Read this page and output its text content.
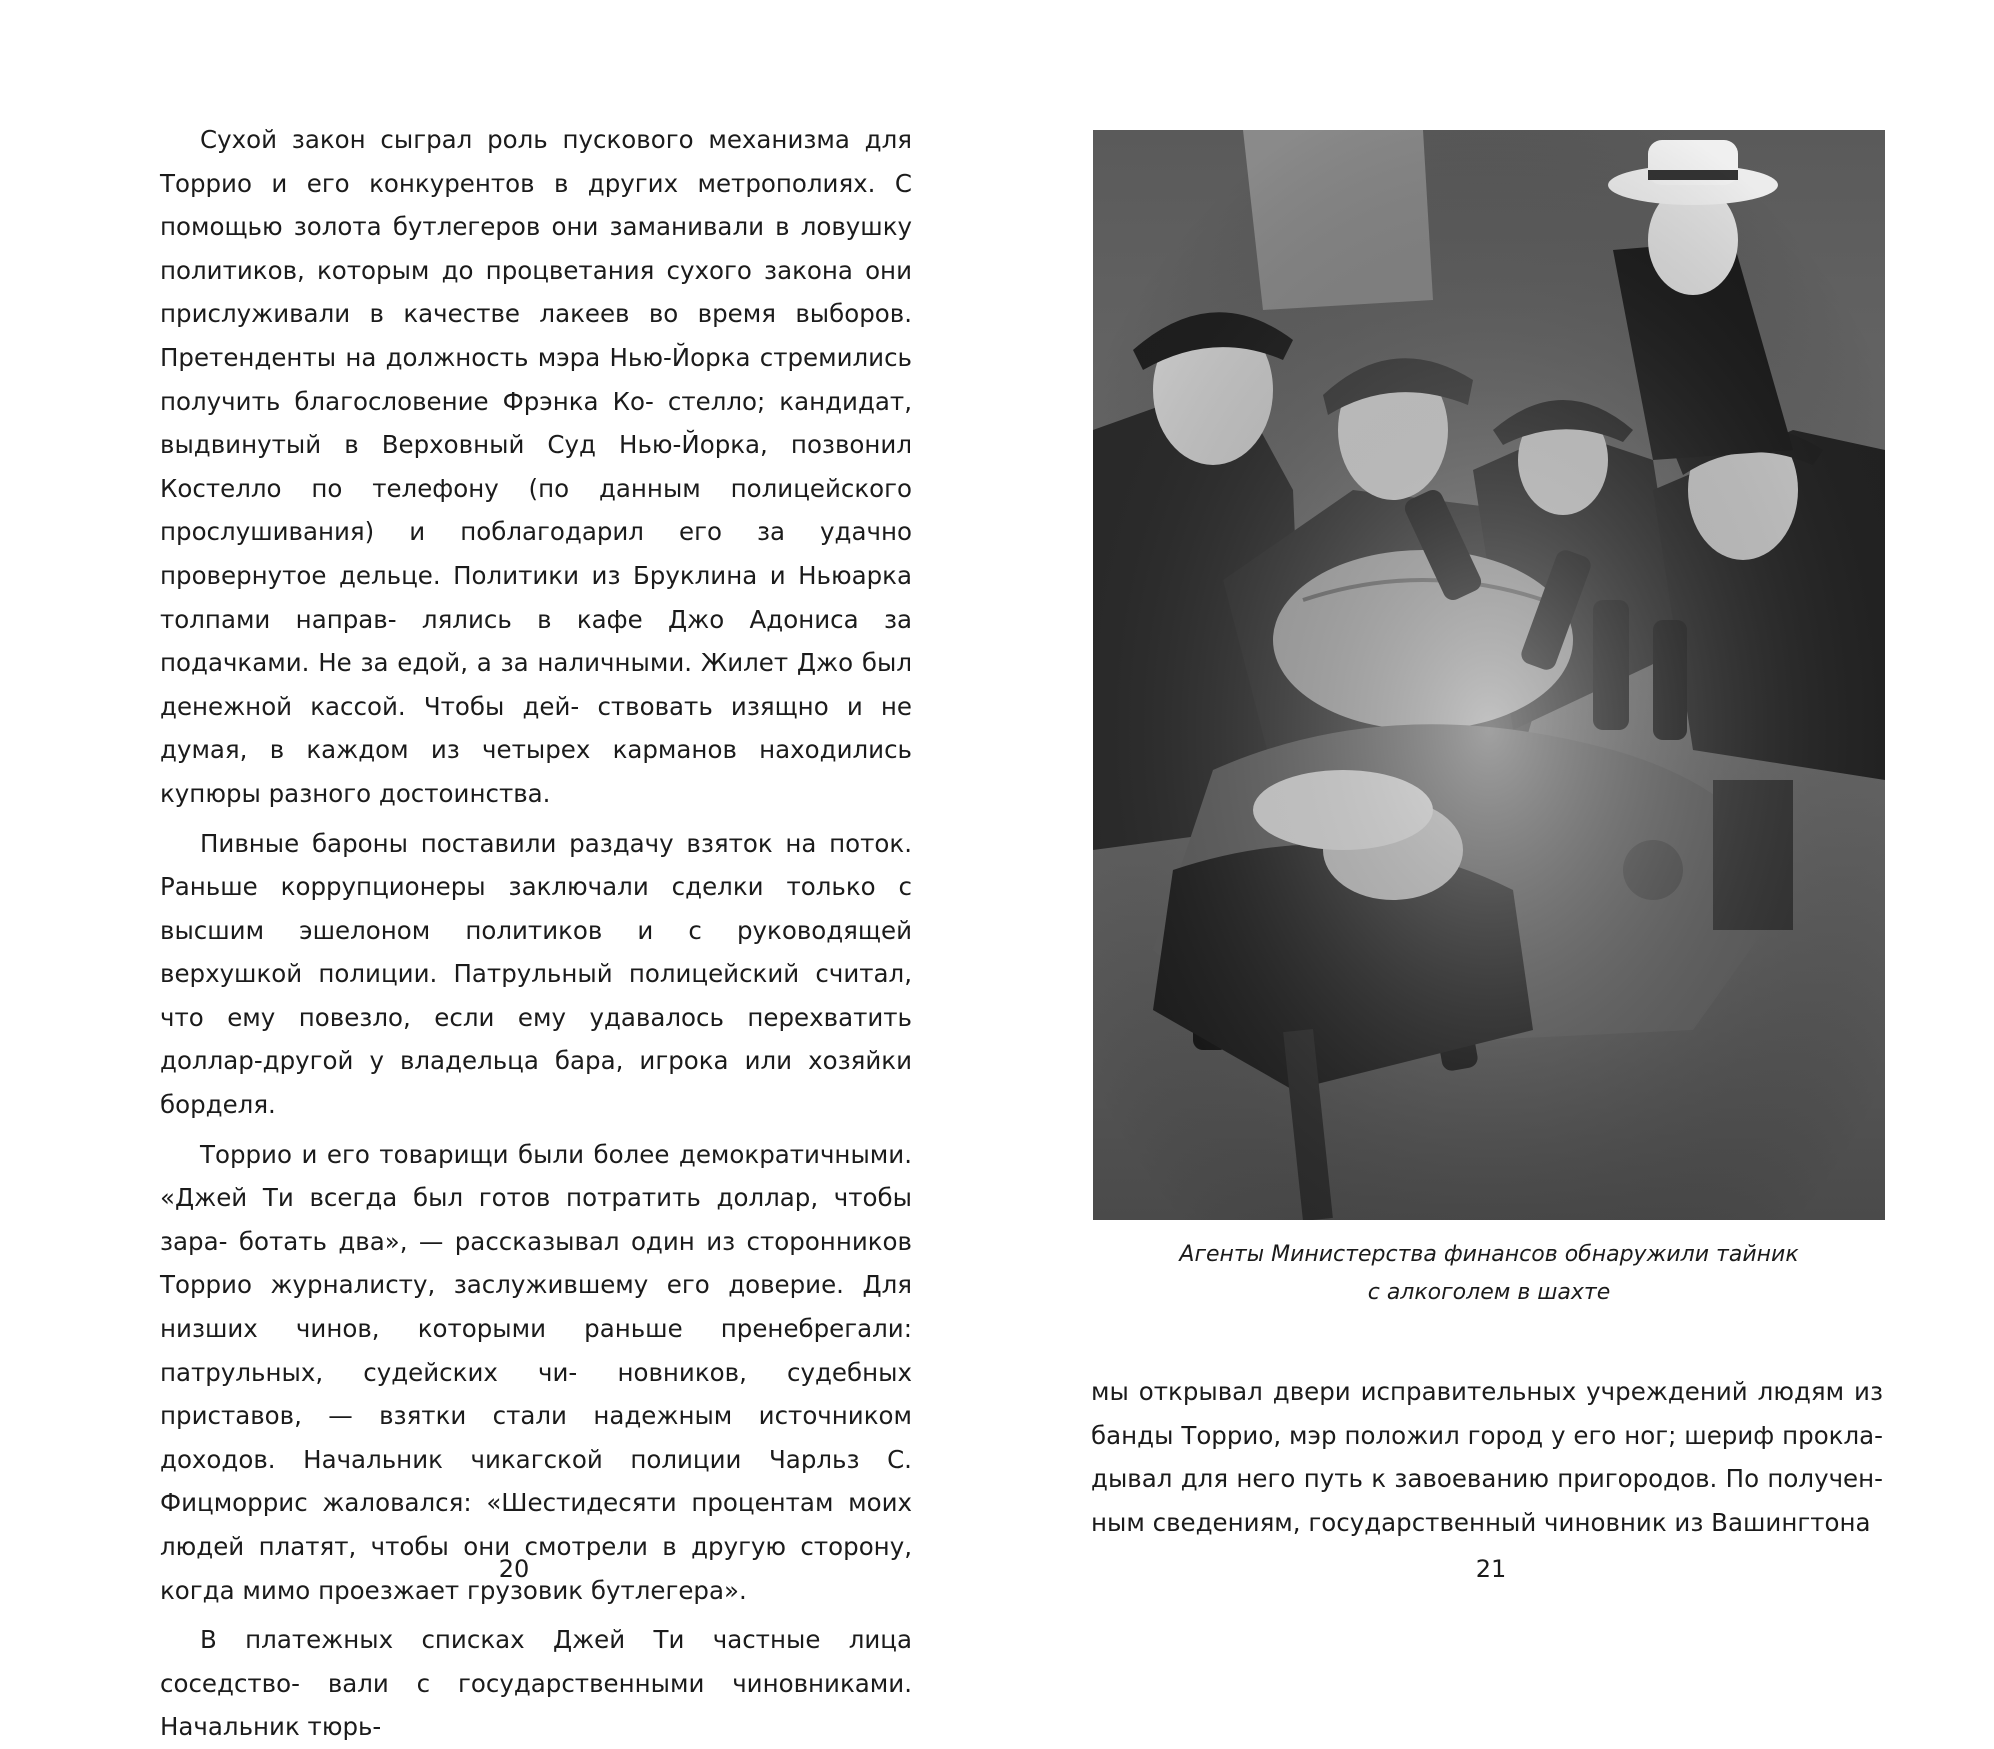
Сухой закон сыграл роль пускового механизма для Торрио и его конкурентов в других метрополиях. С помощью золота бутлегеров они заманивали в ловушку политиков, которым до процветания сухого закона они прислуживали в качестве лакеев во время выборов. Претенденты на должность мэра Нью-Йорка стремились получить благословение Фрэнка Ко- стелло; кандидат, выдвинутый в Верховный Суд Нью-Йорка, позвонил Костелло по телефону (по данным полицейского прослушивания) и поблагодарил его за удачно провернутое дельце. Политики из Бруклина и Ньюарка толпами направ- лялись в кафе Джо Адониса за подачками. Не за едой, а за наличными. Жилет Джо был денежной кассой. Чтобы дей- ствовать изящно и не думая, в каждом из четырех карманов находились купюры разного достоинства.

Пивные бароны поставили раздачу взяток на поток. Раньше коррупционеры заключали сделки только с высшим эшелоном политиков и с руководящей верхушкой полиции. Патрульный полицейский считал, что ему повезло, если ему удавалось перехватить доллар-другой у владельца бара, игрока или хозяйки борделя.

Торрио и его товарищи были более демократичными. «Джей Ти всегда был готов потратить доллар, чтобы зара- ботать два», — рассказывал один из сторонников Торрио журналисту, заслужившему его доверие. Для низших чинов, которыми раньше пренебрегали: патрульных, судейских чи- новников, судебных приставов, — взятки стали надежным источником доходов. Начальник чикагской полиции Чарльз С. Фицморрис жаловался: «Шестидесяти процентам моих людей платят, чтобы они смотрели в другую сторону, когда мимо проезжает грузовик бутлегера».

В платежных списках Джей Ти частные лица соседство- вали с государственными чиновниками. Начальник тюрь-

20
Агенты Министерства финансов обнаружили тайник
с алкоголем в шахте

мы открывал двери исправительных учреждений людям из банды Торрио, мэр положил город у его ног; шериф прокла- дывал для него путь к завоеванию пригородов. По получен- ным сведениям, государственный чиновник из Вашингтона

21
